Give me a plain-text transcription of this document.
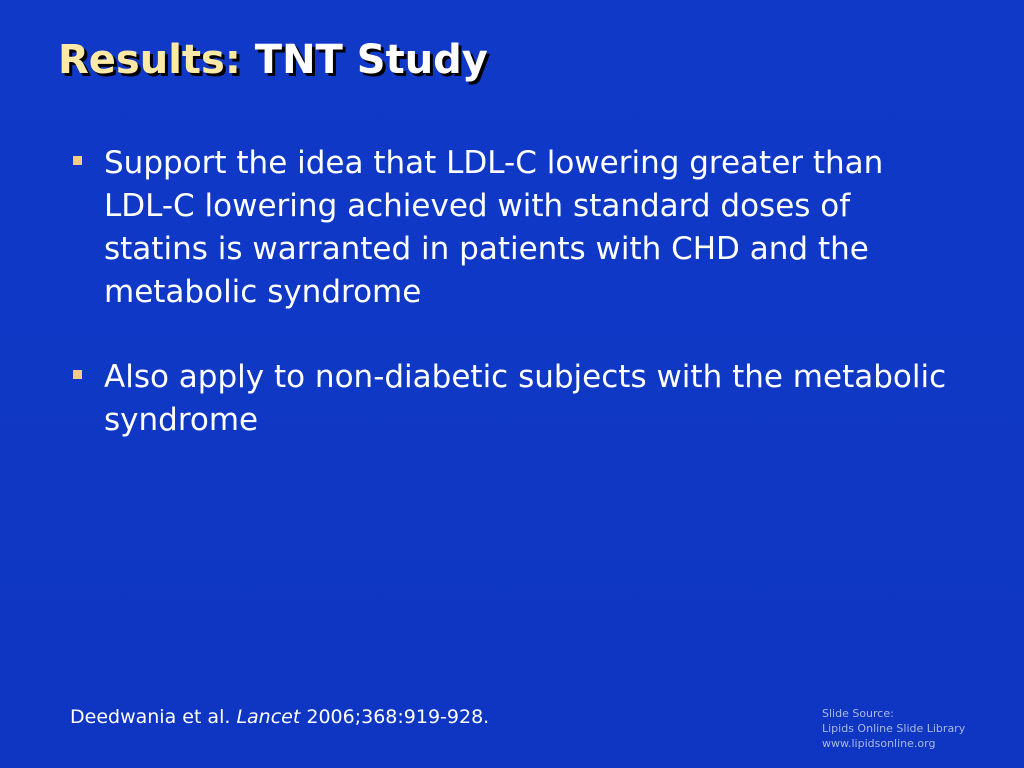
Results: TNT Study
Support the idea that LDL-C lowering greater than LDL-C lowering achieved with standard doses of statins is warranted in patients with CHD and the metabolic syndrome
Also apply to non-diabetic subjects with the metabolic syndrome
Deedwania et al. Lancet 2006;368:919-928.	Slide Source:
Lipids Online Slide Library
www.lipidsonline.org
